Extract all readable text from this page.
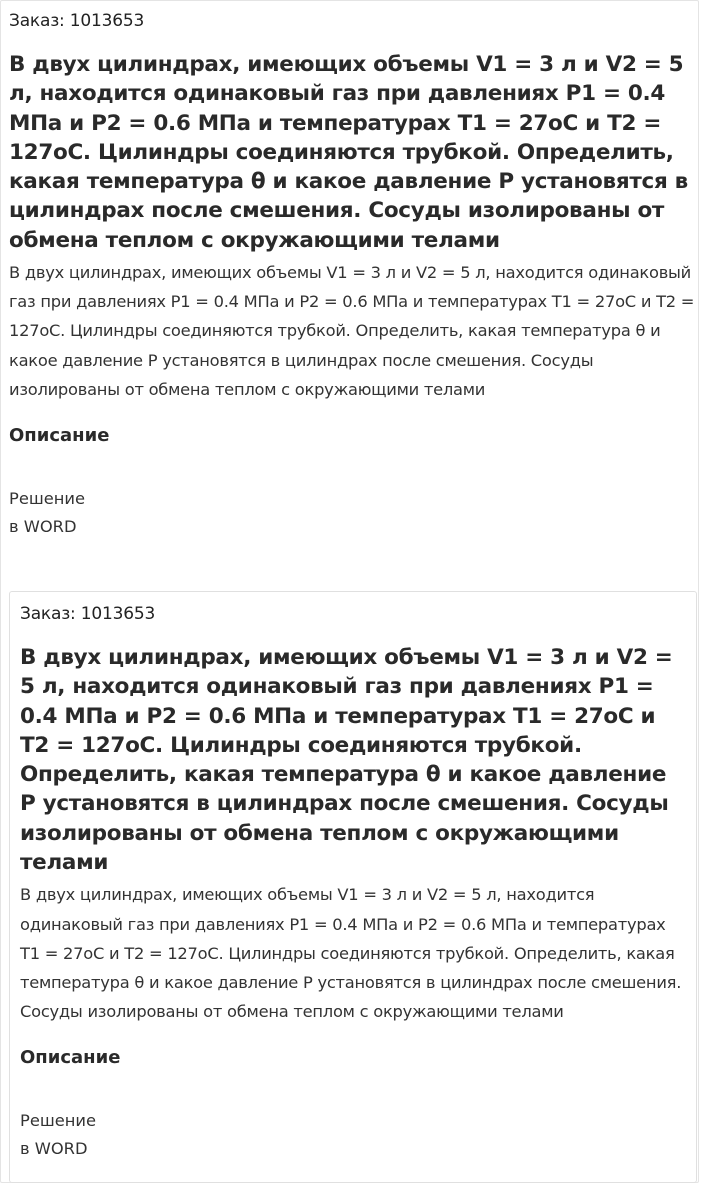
Заказ: 1013653
В двух цилиндрах, имеющих объемы V1 = 3 л и V2 = 5 л, находится одинаковый газ при давлениях P1 = 0.4 МПа и P2 = 0.6 МПа и температурах T1 = 27oC и T2 = 127oC. Цилиндры соединяются трубкой. Определить, какая температура θ и какое давление P установятся в цилиндрах после смешения. Сосуды изолированы от обмена теплом с окружающими телами

В двух цилиндрах, имеющих объемы V1 = 3 л и V2 = 5 л, находится одинаковый газ при давлениях P1 = 0.4 МПа и P2 = 0.6 МПа и температурах T1 = 27oC и T2 = 127oC. Цилиндры соединяются трубкой. Определить, какая температура θ и какое давление P установятся в цилиндрах после смешения. Сосуды изолированы от обмена теплом с окружающими телами

Описание
Решение
в WORD
Заказ: 1013653
В двух цилиндрах, имеющих объемы V1 = 3 л и V2 = 5 л, находится одинаковый газ при давлениях P1 = 0.4 МПа и P2 = 0.6 МПа и температурах T1 = 27oC и T2 = 127oC. Цилиндры соединяются трубкой. Определить, какая температура θ и какое давление P установятся в цилиндрах после смешения. Сосуды изолированы от обмена теплом с окружающими телами

В двух цилиндрах, имеющих объемы V1 = 3 л и V2 = 5 л, находится одинаковый газ при давлениях P1 = 0.4 МПа и P2 = 0.6 МПа и температурах T1 = 27oC и T2 = 127oC. Цилиндры соединяются трубкой. Определить, какая температура θ и какое давление P установятся в цилиндрах после смешения. Сосуды изолированы от обмена теплом с окружающими телами

Описание
Решение
в WORD
